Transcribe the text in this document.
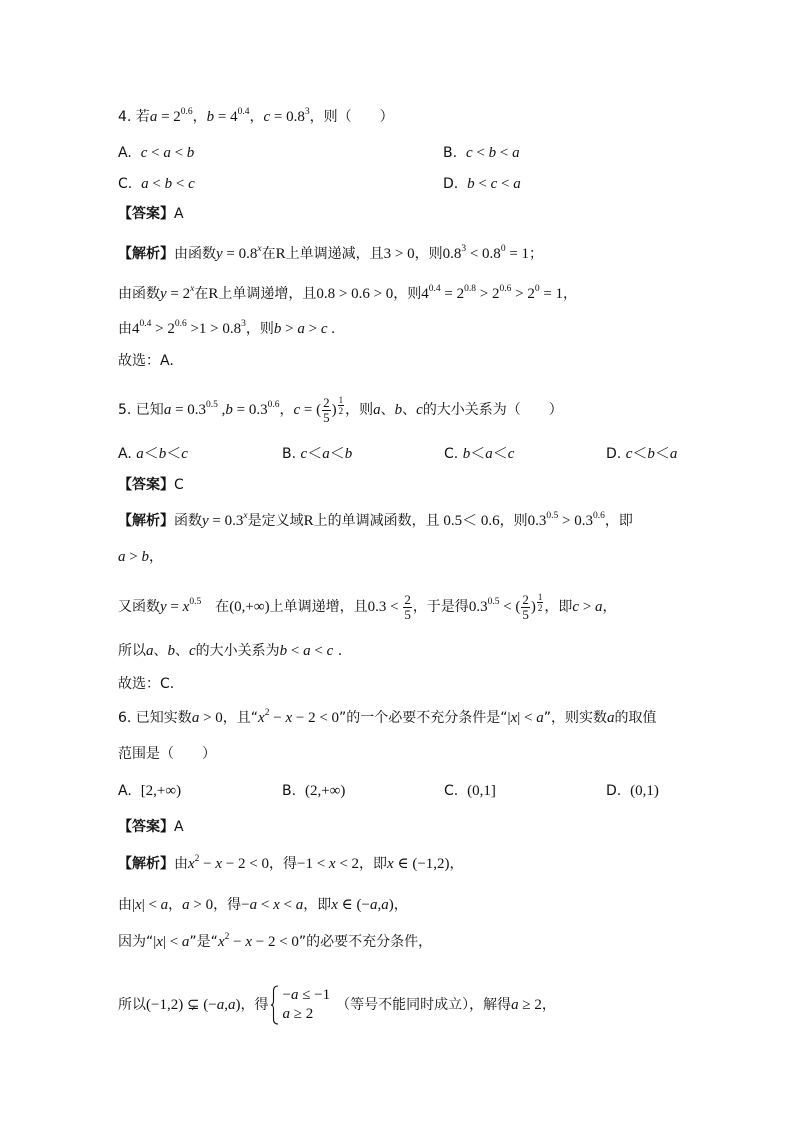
4. 若$a = 2^{0.6}$，$b = 4^{0.4}$，$c = 0.8^3$，则（　　）
A.  c < a < b	B.  c < b < a
C.  a < b < c	D.  b < c < a
【答案】A
【解析】由函数$y = 0.8^x$在R上单调递减，且3 > 0，则$0.8^3 < 0.8^0 = 1$；
由函数$y = 2^x$在R上单调递增，且0.8 > 0.6 > 0，则$4^{0.4} = 2^{0.8} > 2^{0.6} > 2^0 = 1$，
由$4^{0.4} > 2^{0.6} >1 > 0.8^3$，则b > a > c .
故选：A.
5. 已知$a = 0.3^{0.5}$ $,b = 0.3^{0.6}$，c = ( $\frac{2}{5}$ ) $\frac{1}{2}$ ，则a、b、c的大小关系为（　　）
A. a＜b＜c	B. c＜a＜b	C. b＜a＜c	D. c＜b＜a
【答案】C
【解析】函数$y = 0.3^x$是定义域R上的单调减函数，且 0.5＜ 0.6，则$0.3^{0.5} > 0.3^{0.6}$，即
a > b，
又函数$y = x^{0.5}$　在(0,+∞)上单调递增，且$0.3 < \frac{2}{5}$ ，于是得$0.3^{0.5}$ < ( $\frac{2}{5}$ ) $\frac{1}{2}$ ，即c > a，
所以a、b、c的大小关系为b < a < c .
故选：C.
6. 已知实数a > 0，且“$x^2 - x - 2 < 0$”的一个必要不充分条件是“|x| < a”，则实数a的取值
范围是（　　）
A.  [2,+∞)	B.  (2,+∞)	C.  (0,1]	D.  (0,1)
【答案】A
【解析】由$x^2 - x - 2 < 0$，得−1 < x < 2，即x ∈ (−1,2)，
由|x| < a，a > 0，得−a < x < a，即x ∈ (−a,a)，
因为“|x| < a”是“$x^2 - x - 2 < 0$”的必要不充分条件，
所以(−1,2) ⊊ (−a,a)，得
−a ≤ −1
a ≥ 2
（等号不能同时成立），解得a ≥ 2，
